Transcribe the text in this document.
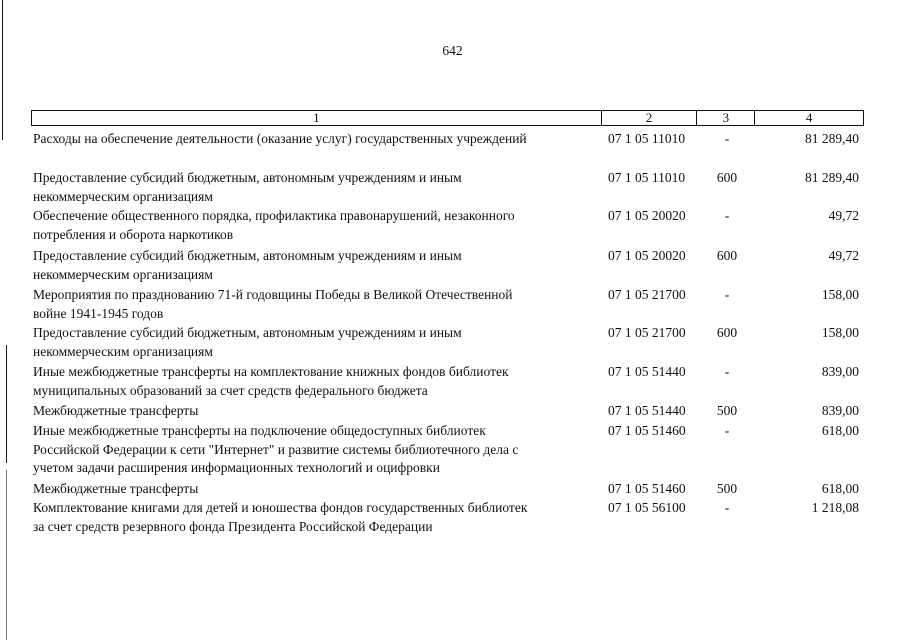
642
1	2	3	4
Расходы на обеспечение деятельности (оказание услуг) государственных учреждений	07 1 05 11010	-	81 289,40
Предоставление субсидий бюджетным, автономным учреждениям и иным
некоммерческим организациям
07 1 05 11010	600	81 289,40
Обеспечение общественного порядка, профилактика правонарушений, незаконного
потребления и оборота наркотиков
07 1 05 20020	-	49,72
Предоставление субсидий бюджетным, автономным учреждениям и иным
некоммерческим организациям
07 1 05 20020	600	49,72
Мероприятия по празднованию 71-й годовщины Победы в Великой Отечественной
войне 1941-1945 годов
07 1 05 21700	-	158,00
Предоставление субсидий бюджетным, автономным учреждениям и иным
некоммерческим организациям
07 1 05 21700	600	158,00
Иные межбюджетные трансферты на комплектование книжных фондов библиотек
муниципальных образований за счет средств федерального бюджета
07 1 05 51440	-	839,00
Межбюджетные трансферты	07 1 05 51440	500	839,00
Иные межбюджетные трансферты на подключение общедоступных библиотек
Российской Федерации к сети "Интернет" и развитие системы библиотечного дела с
учетом задачи расширения информационных технологий и оцифровки
07 1 05 51460	-	618,00
Межбюджетные трансферты	07 1 05 51460	500	618,00
Комплектование книгами для детей и юношества фондов государственных библиотек
за счет средств резервного фонда Президента Российской Федерации
07 1 05 56100	-	1 218,08
